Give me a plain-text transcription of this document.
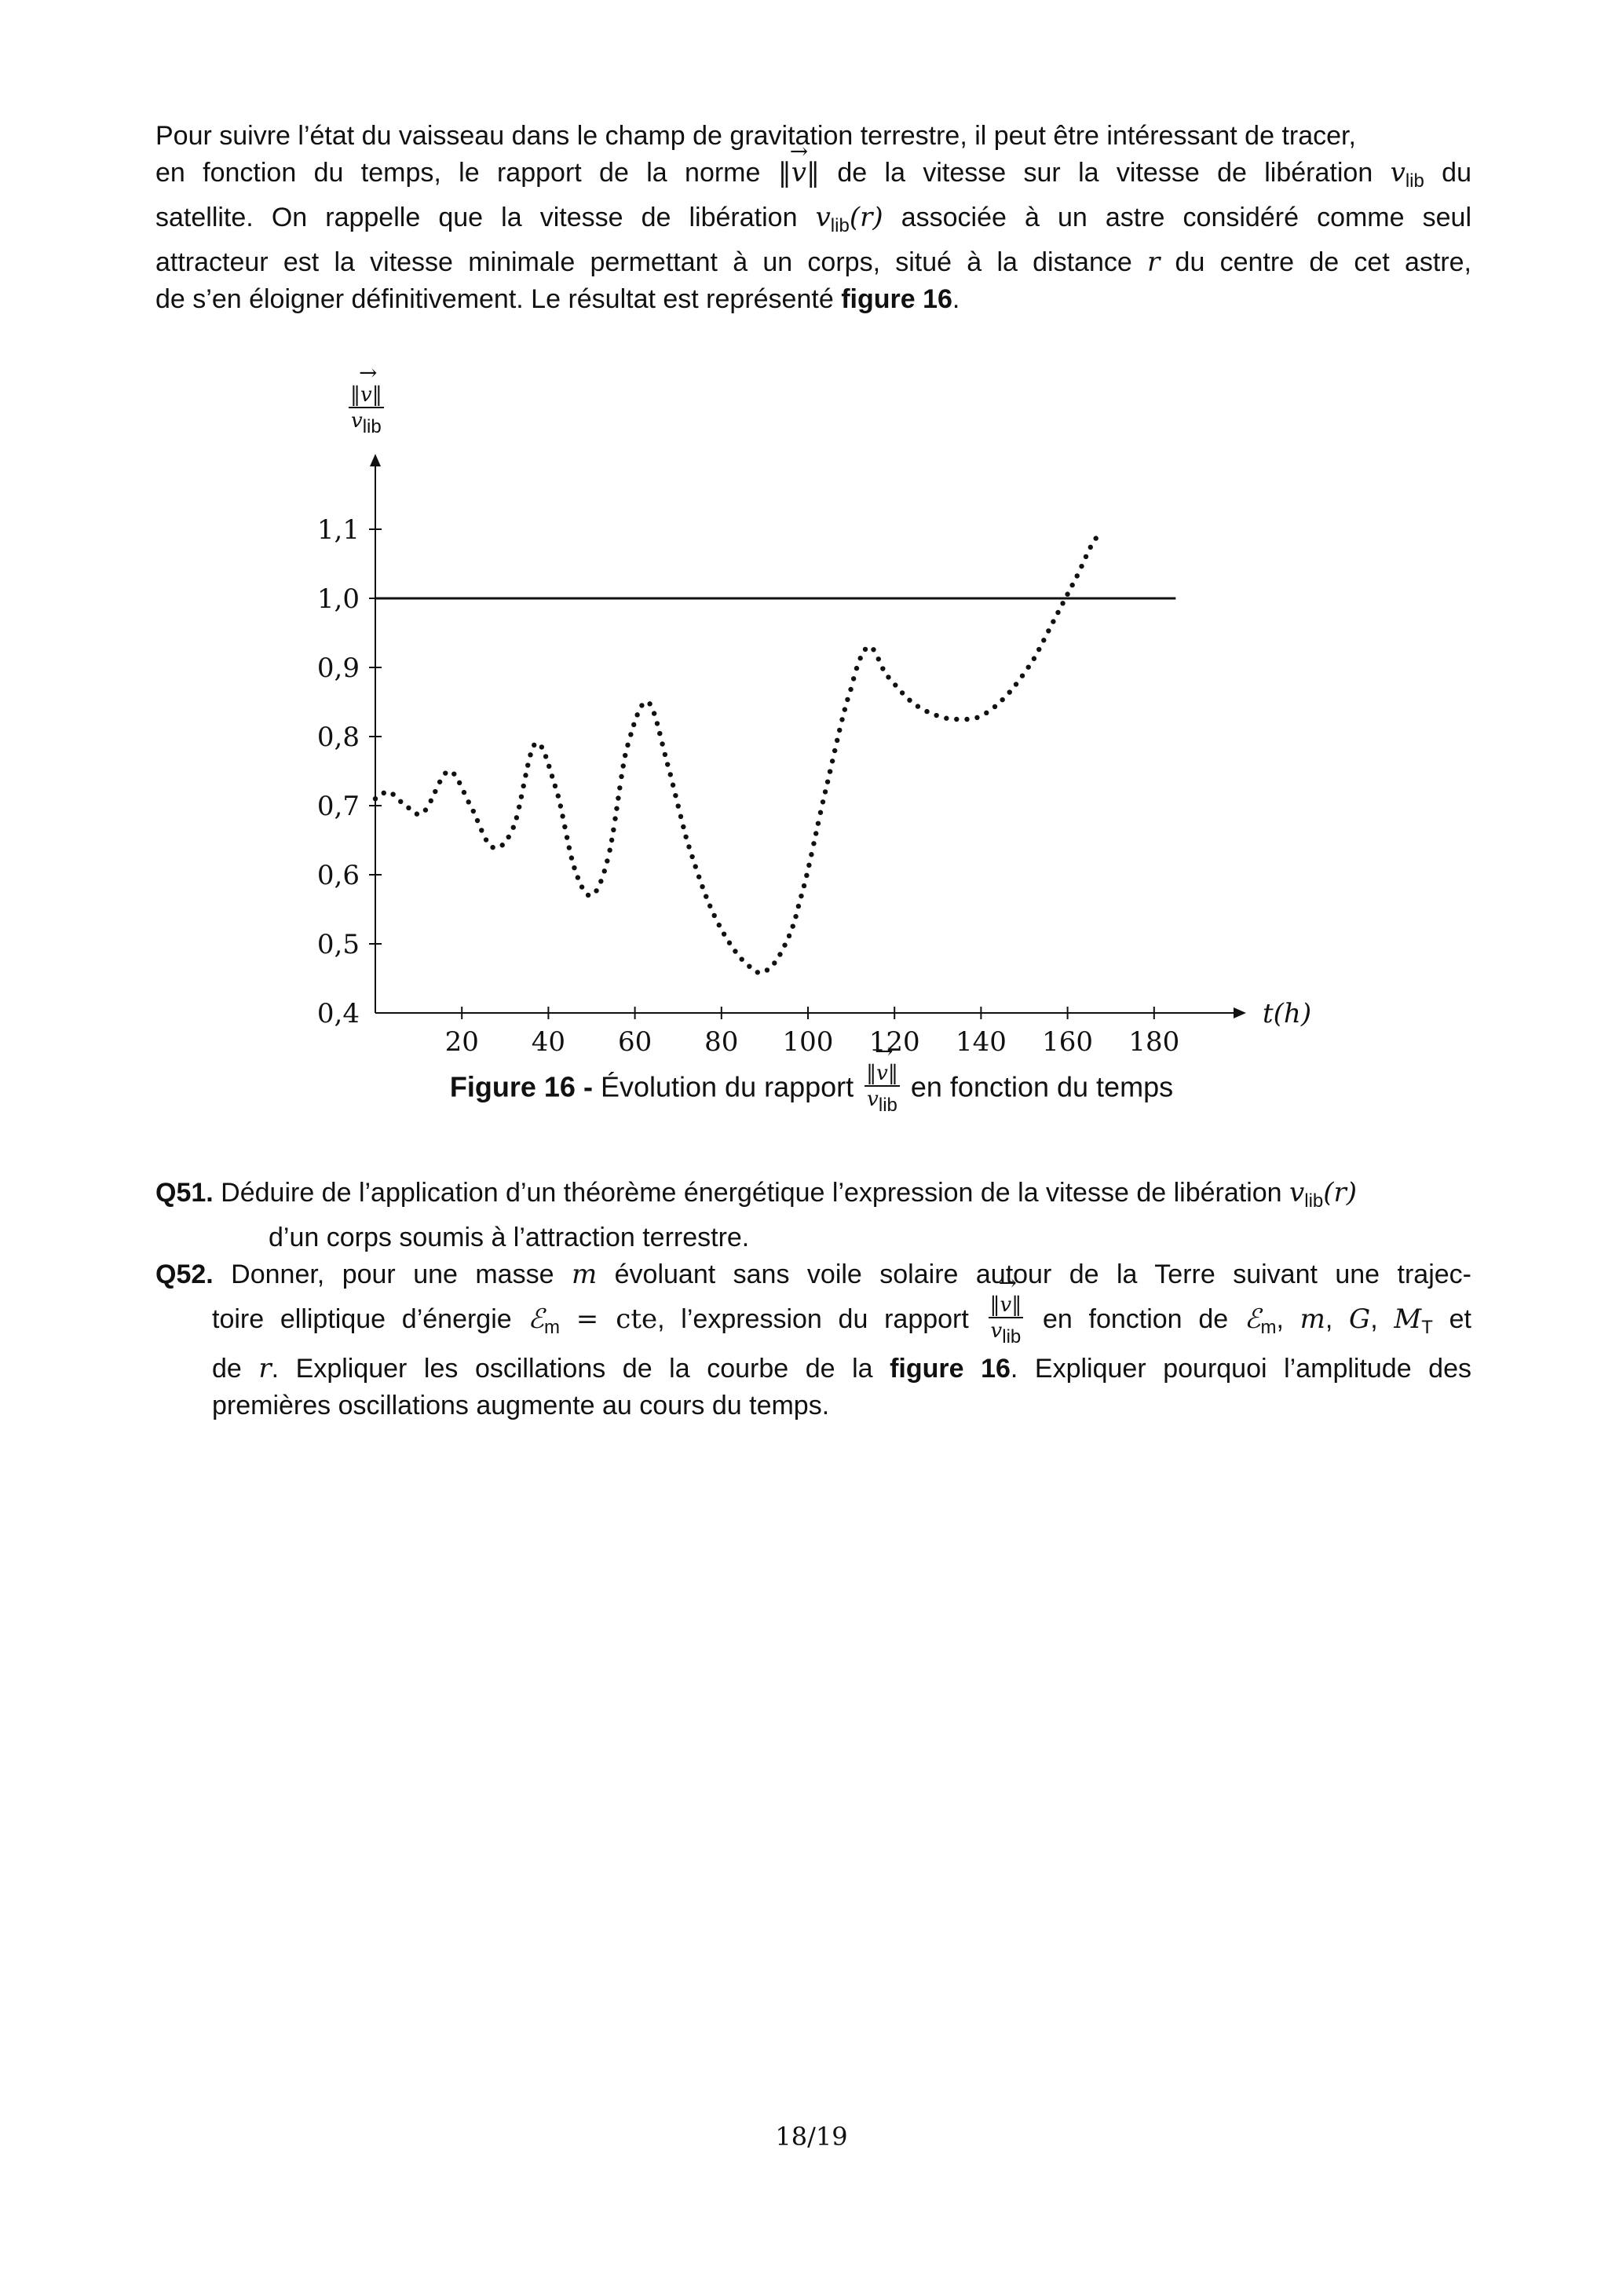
Pour suivre l’état du vaisseau dans le champ de gravitation terrestre, il peut être intéressant de tracer,
en fonction du temps, le rapport de la norme ‖v →‖ de la vitesse sur la vitesse de libération $v_{lib}$ du
satellite. On rappelle que la vitesse de libération $v_{lib}(r)$ associée à un astre considéré comme seul
attracteur est la vitesse minimale permettant à un corps, situé à la distance r du centre de cet astre,
de s’en éloigner définitivement. Le résultat est représenté figure 16.
$\frac{‖v \to‖}{\text{vlib}}$
20 40 60 80 100 120 140 160 180
0,4
0,5
0,6
0,7
0,8
0,9
1,0
1,1
t(h)
Figure 16 - Évolution du rapport $\frac{‖v \to‖}{\text{vlib}}$ en fonction du temps
Q51. Déduire de l’application d’un théorème énergétique l’expression de la vitesse de libération $v_{lib}(r)$
d’un corps soumis à l’attraction terrestre.
Q52. Donner, pour une masse m évoluant sans voile solaire autour de la Terre suivant une trajec-
toire elliptique d’énergie ℰ$_m$ = cte, l’expression du rapport $\frac{‖v \to‖}{\text{vlib}}$ en fonction de ℰ$_m$, m, G, $M_T$ et
de r. Expliquer les oscillations de la courbe de la figure 16. Expliquer pourquoi l’amplitude des
premières oscillations augmente au cours du temps.
18/19
